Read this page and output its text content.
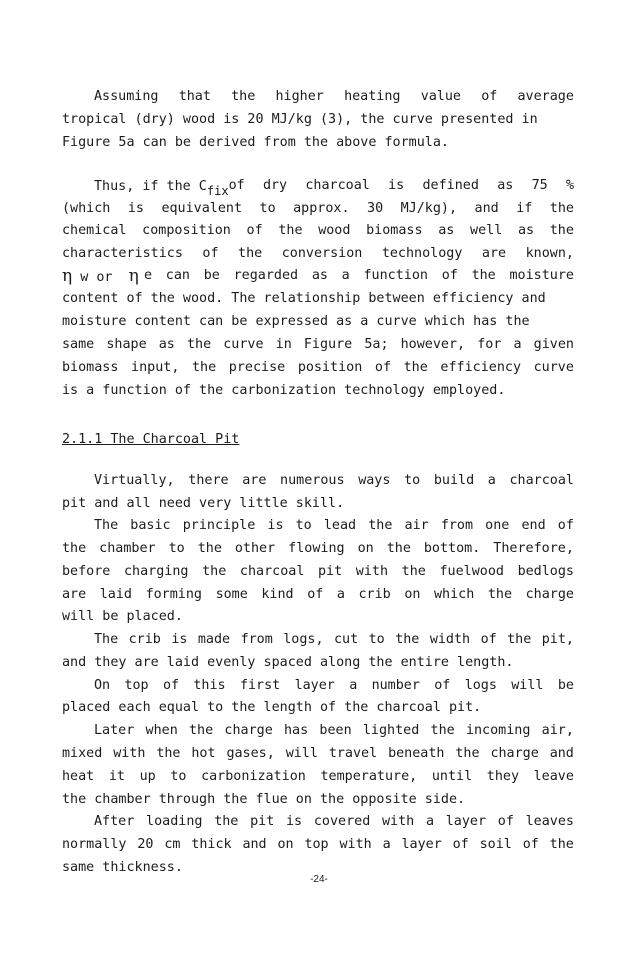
Assuming that the higher heating value of average
tropical (dry) wood is 20 MJ/kg (3), the curve presented in
Figure 5a can be derived from the above formula.
Thus, if the Cfix of dry charcoal is defined as 75 %
(which is equivalent to approx. 30 MJ/kg), and if the
chemical composition of the wood biomass as well as the
characteristics of the conversion technology are known,
η w or η e can be regarded as a function of the moisture
content of the wood. The relationship between efficiency and
moisture content can be expressed as a curve which has the
same shape as the curve in Figure 5a; however, for a given
biomass input, the precise position of the efficiency curve
is a function of the carbonization technology employed.
2.1.1 The Charcoal Pit
Virtually, there are numerous ways to build a charcoal
pit and all need very little skill.
The basic principle is to lead the air from one end of
the chamber to the other flowing on the bottom. Therefore,
before charging the charcoal pit with the fuelwood bedlogs
are laid forming some kind of a crib on which the charge
will be placed.
The crib is made from logs, cut to the width of the pit,
and they are laid evenly spaced along the entire length.
On top of this first layer a number of logs will be
placed each equal to the length of the charcoal pit.
Later when the charge has been lighted the incoming air,
mixed with the hot gases, will travel beneath the charge and
heat it up to carbonization temperature, until they leave
the chamber through the flue on the opposite side.
After loading the pit is covered with a layer of leaves
normally 20 cm thick and on top with a layer of soil of the
same thickness.
-24-
